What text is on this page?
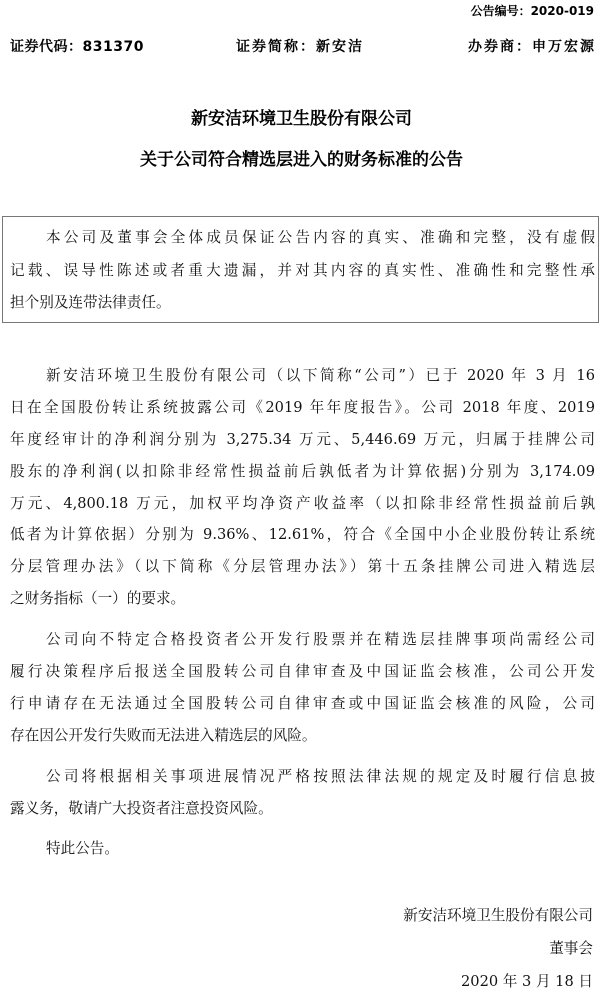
公告编号：2020-019
证券代码：831370	证券简称：新安洁	办券商：申万宏源
新安洁环境卫生股份有限公司
关于公司符合精选层进入的财务标准的公告
本公司及董事会全体成员保证公告内容的真实、准确和完整，没有虚假
记载、误导性陈述或者重大遗漏，并对其内容的真实性、准确性和完整性承
担个别及连带法律责任。
新安洁环境卫生股份有限公司（以下简称“公司”）已于 2020 年 3 月 16
日在全国股份转让系统披露公司《2019 年年度报告》。公司 2018 年度、2019
年度经审计的净利润分别为 3,275.34 万元、5,446.69 万元，归属于挂牌公司
股东的净利润(以扣除非经常性损益前后孰低者为计算依据)分别为 3,174.09
万元、4,800.18 万元，加权平均净资产收益率（以扣除非经常性损益前后孰
低者为计算依据）分别为 9.36%、12.61%，符合《全国中小企业股份转让系统
分层管理办法》（以下简称《分层管理办法》）第十五条挂牌公司进入精选层
之财务指标（一）的要求。
公司向不特定合格投资者公开发行股票并在精选层挂牌事项尚需经公司
履行决策程序后报送全国股转公司自律审查及中国证监会核准，公司公开发
行申请存在无法通过全国股转公司自律审查或中国证监会核准的风险，公司
存在因公开发行失败而无法进入精选层的风险。
公司将根据相关事项进展情况严格按照法律法规的规定及时履行信息披
露义务，敬请广大投资者注意投资风险。
特此公告。
新安洁环境卫生股份有限公司
董事会
2020 年 3 月 18 日
